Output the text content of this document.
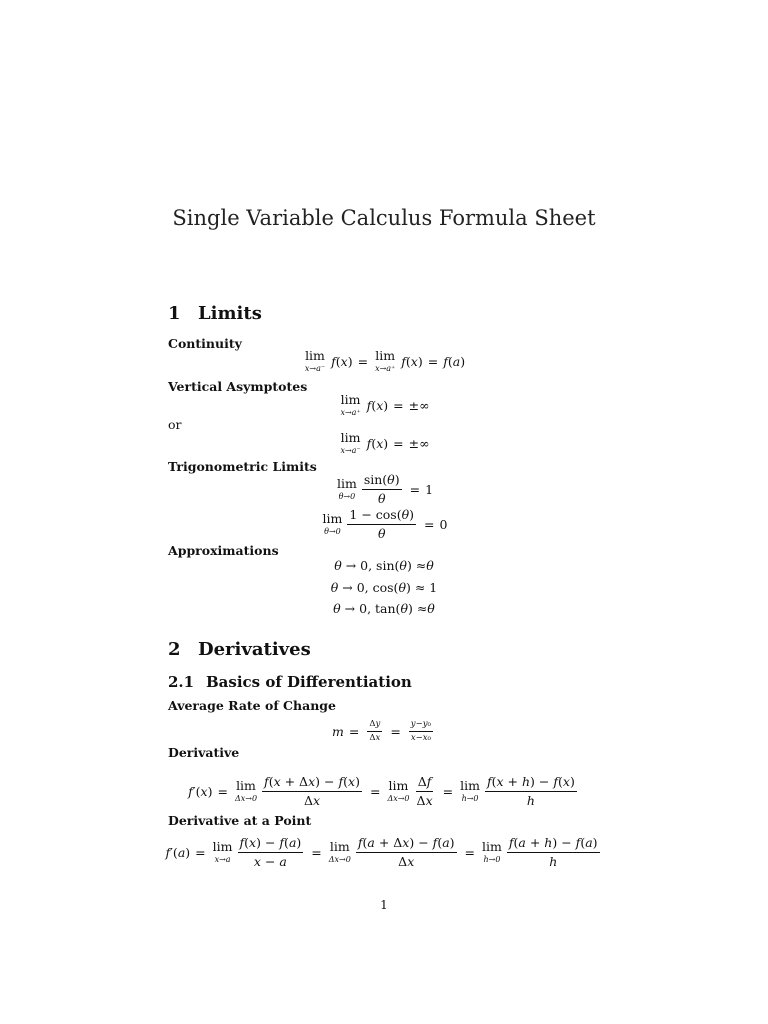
Single Variable Calculus Formula Sheet
1 Limits
Continuity
lim
x→a⁻
f ( x ) = lim
x→a⁺
f ( x ) = f ( a )
Vertical Asymptotes
lim
x→a⁺
f ( x ) = ±∞
or
lim
x→a⁻
f ( x ) = ±∞
Trigonometric Limits
lim
$\theta\to 0 \frac{\sin(\theta)}{\theta} = 1$
lim
$\theta\to 0 \frac{1 - \cos(\theta)}{\theta} = 0$
Approximations
θ → 0, sin( θ ) ≈ θ
θ → 0, cos( θ ) ≈ 1
θ → 0, tan( θ ) ≈ θ
2 Derivatives
2.1 Basics of Differentiation
Average Rate of Change
$m = \frac{\Delta y}{\Delta x} = \frac{\text{y−y₀}}{\text{x−x₀}}$
Derivative
f ′( x ) = lim
$\Delta x\to 0 \frac{f(x + \Delta x) - f(x)}{\Delta x} = \lim$
$\Delta x\to 0 \frac{\Delta f}{\Delta x} = \lim$
$h\to 0 \frac{f(x + h) - f(x)}{h}$
Derivative at a Point
f ′( a ) = lim
$x\to a \frac{f(x) - f(a)}{x - a} = \lim$
$\Delta x\to 0 \frac{f(a + \Delta x) - f(a)}{\Delta x} = \lim$
$h\to 0 \frac{f(a + h) - f(a)}{h}$
1
